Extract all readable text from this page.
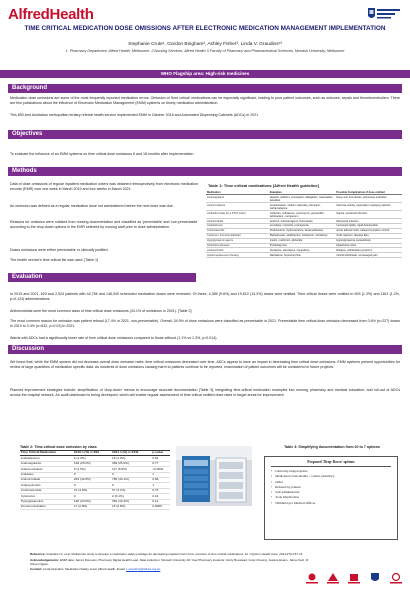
AlfredHealth
TIME CRITICAL MEDICATION DOSE OMISSIONS AFTER ELECTRONIC MEDICATION MANAGEMENT IMPLEMENTATION
Stephanie Crute¹, Gordon Bingham², Ashley Fisher³, Linda V. Graudins¹³
1. Pharmacy Department, Alfred Health, Melbourne. 2.Nursing Services, Alfred Health 3.Faculty of Pharmacy and Pharmaceutical Sciences, Monash University, Melbourne
WHO Flagship area: High-risk medicines
Background
Medication dose omissions are some of the most frequently reported medication errors. Omission of 'time critical' medications can be especially significant, leading to poor patient outcomes, such as seizures, sepsis and thromboembolism. There are few publications about the influence of Electronic Medication Management (EMM) systems on timely medication administration.
This 800-bed Australian metropolitan tertiary referral health service implemented EMM in October 2018 and Automated Dispensing Cabinets (ADCs) in 2021
Objectives
To evaluate the influence of an EMM systems on time critical dose omissions 6 and 18 months after implementation
Methods
Data of dose omissions of regular inpatient medication orders was obtained retrospectively from electronic medication records (EMR) over one week in March 2019 and four weeks in March 2021.
An omission was defined as a regular medication dose not administered before the next dose was due.
Reasons for omission were collated from nursing documentation and classified as 'preventable' and 'non-preventable' according to the drop-down options in the EMR selected by nursing staff prior to dose administration.
Doses omissions were either preventable or clinically justified.
The health service's time critical list was used. [Table 1]
Table 1: Time critical medications [Alfred Health guideline]
Medication	Examples	Possible Complications if dose omitted
Anticoagulants	Heparin, warfarin, enoxaparin, dabigatran, rivaroxaban, apixaban	Deep vein thrombosis, pulmonary embolism
Anticonvulsants	Levetiracetam, sodium valproate, phenytoin, carbamazepine	Seizures activity, especially in epilepsy patients
Antibiotics (May be a STAT order)	Cefazolin, ceftriaxone, vancomycin, piperacillin-tazobactam, meropenem	Sepsis, worsened infection
Antimicrobials	Aciclovir, antiviral agents, fluconazole	Worsened infection
Antiparkinson	Levodopa, ropinirole, pramipexole	Increased rigidity, rapid deterioration
Corticosteroids	Prednisolone, hydrocortisone, dexamethasone	Acute adrenal crisis, delayed symptom control
Cytotoxic / Immunomodulator	Methotrexate, azathioprine, ciclosporin, tacrolimus	Graft rejection, disease flare
Hypoglycaemic agents	Insulin, metformin, gliclazide	Hyperglycaemia, ketoacidosis
Anticholinesterases	Pyridostigmine	Myasthenic crisis
Antipsychotics	Clozapine, olanzapine, risperidone	Relapse, withdrawal symptoms
Opioid replacement therapy	Methadone, buprenorphine	Opioid withdrawal, unmanaged pain
Evaluation
In 2019 and 2021, 620 and 2,524 patients with 44,756 and 146,940 scheduled medication doses were reviewed. Of these, 4,385 (9.8%) and 19,610 (13.3%) doses were omitted. Time critical doses were omitted in 593 (1.3%) and 1811 (1.2%, p=0.124) administrations.
Antimicrobials were the most common class of time critical dose omissions (43.1% of omissions in 2021). [Table 2]
The most common reason for omission was patient refusal (17.4% in 2021, non-preventable). Overall, 34.9% of dose omissions were classified as preventable in 2021. Preventable time critical dose omission decreased from 0.6% (n=227) doses in 2019 to 0.4% (n=632, p=0.03) in 2021.
Wards with ADCs had a significantly lower rate of time critical dose omissions compared to those without (1.1% vs 1.3%, p=0.014).
Discussion
We found that, while the EMM system did not decrease overall dose omission rates, time critical omissions decreased over time. ADCs appear to have an impact in decreasing time critical dose omissions. EMM systems present opportunities for review of large quantities of medication specific data. As incidents of dose omissions causing harm to patients continue to be reported, examination of patient outcomes will be considered in future projects.
Planned improvement strategies include: simplification of 'drop-down' menus to encourage accurate documentation [Table 3]; integrating time-critical medication examples into nursing, pharmacy and medical education; and roll-out of ADCs across the hospital network. An audit dashboard is being developed, which will enable regular assessment of time critical omitted dose rates to target areas for improvement.
Table 2: Time-critical dose omission by class
Time Critical Medication	2019 n (%) n=593	2021 n (%) n=1811	p-value
Antiparkinson	6 (1.0%)	19 (1.0%)	0.94
Anticoagulants	148 (25.0%)	469 (25.9%)	0.77
Anticonvulsants	9 (1.5%)	117 (6.5%)	<0.0001
Antidotes	0	0	1
Antimicrobials	254 (42.8%)	780 (43.1%)	0.98
Antipsychotics	0	0	1
Corticosteroids	21 (3.5%)	57 (3.1%)	0.76
Cytotoxics	0	2 (0.1%)	0.42
Hypoglycaemics	136 (23.0%)	352 (19.4%)	0.12
Immunomodulator	17 (2.8%)	15 (0.8%)	0.0005
Table 3: Simplifying documentation from 20 to 7 options
Proposed 'Drop-Down' options
• Clinically inappropriate
• Medication Unavailable - contact pharmacy
• Other
• Refused by patient
• Self-administered
• Took Duplication
• Withheld per Medical Officer
Reference: Graudins LV, et al. Multicentre study to develop a medication safety package for decreasing inpatient harm from omission of time-critical medications. Int J Qual in Health Care. 2014;27(1):67-74.
Acknowledgements: EMM data: Jarrod Donovan, Pharmacy Digital Health Lead. Data collection: Monash University 4th Year Pharmacy students: Verity Boustead, Cody Cheung, Jessica Evans, Jaime Katz, Zi Shuen Ngiam.
Contact: Linda Graudins, Medication Safety Lead, Alfred Health. Email: L.graudins@Alfred.org.au
